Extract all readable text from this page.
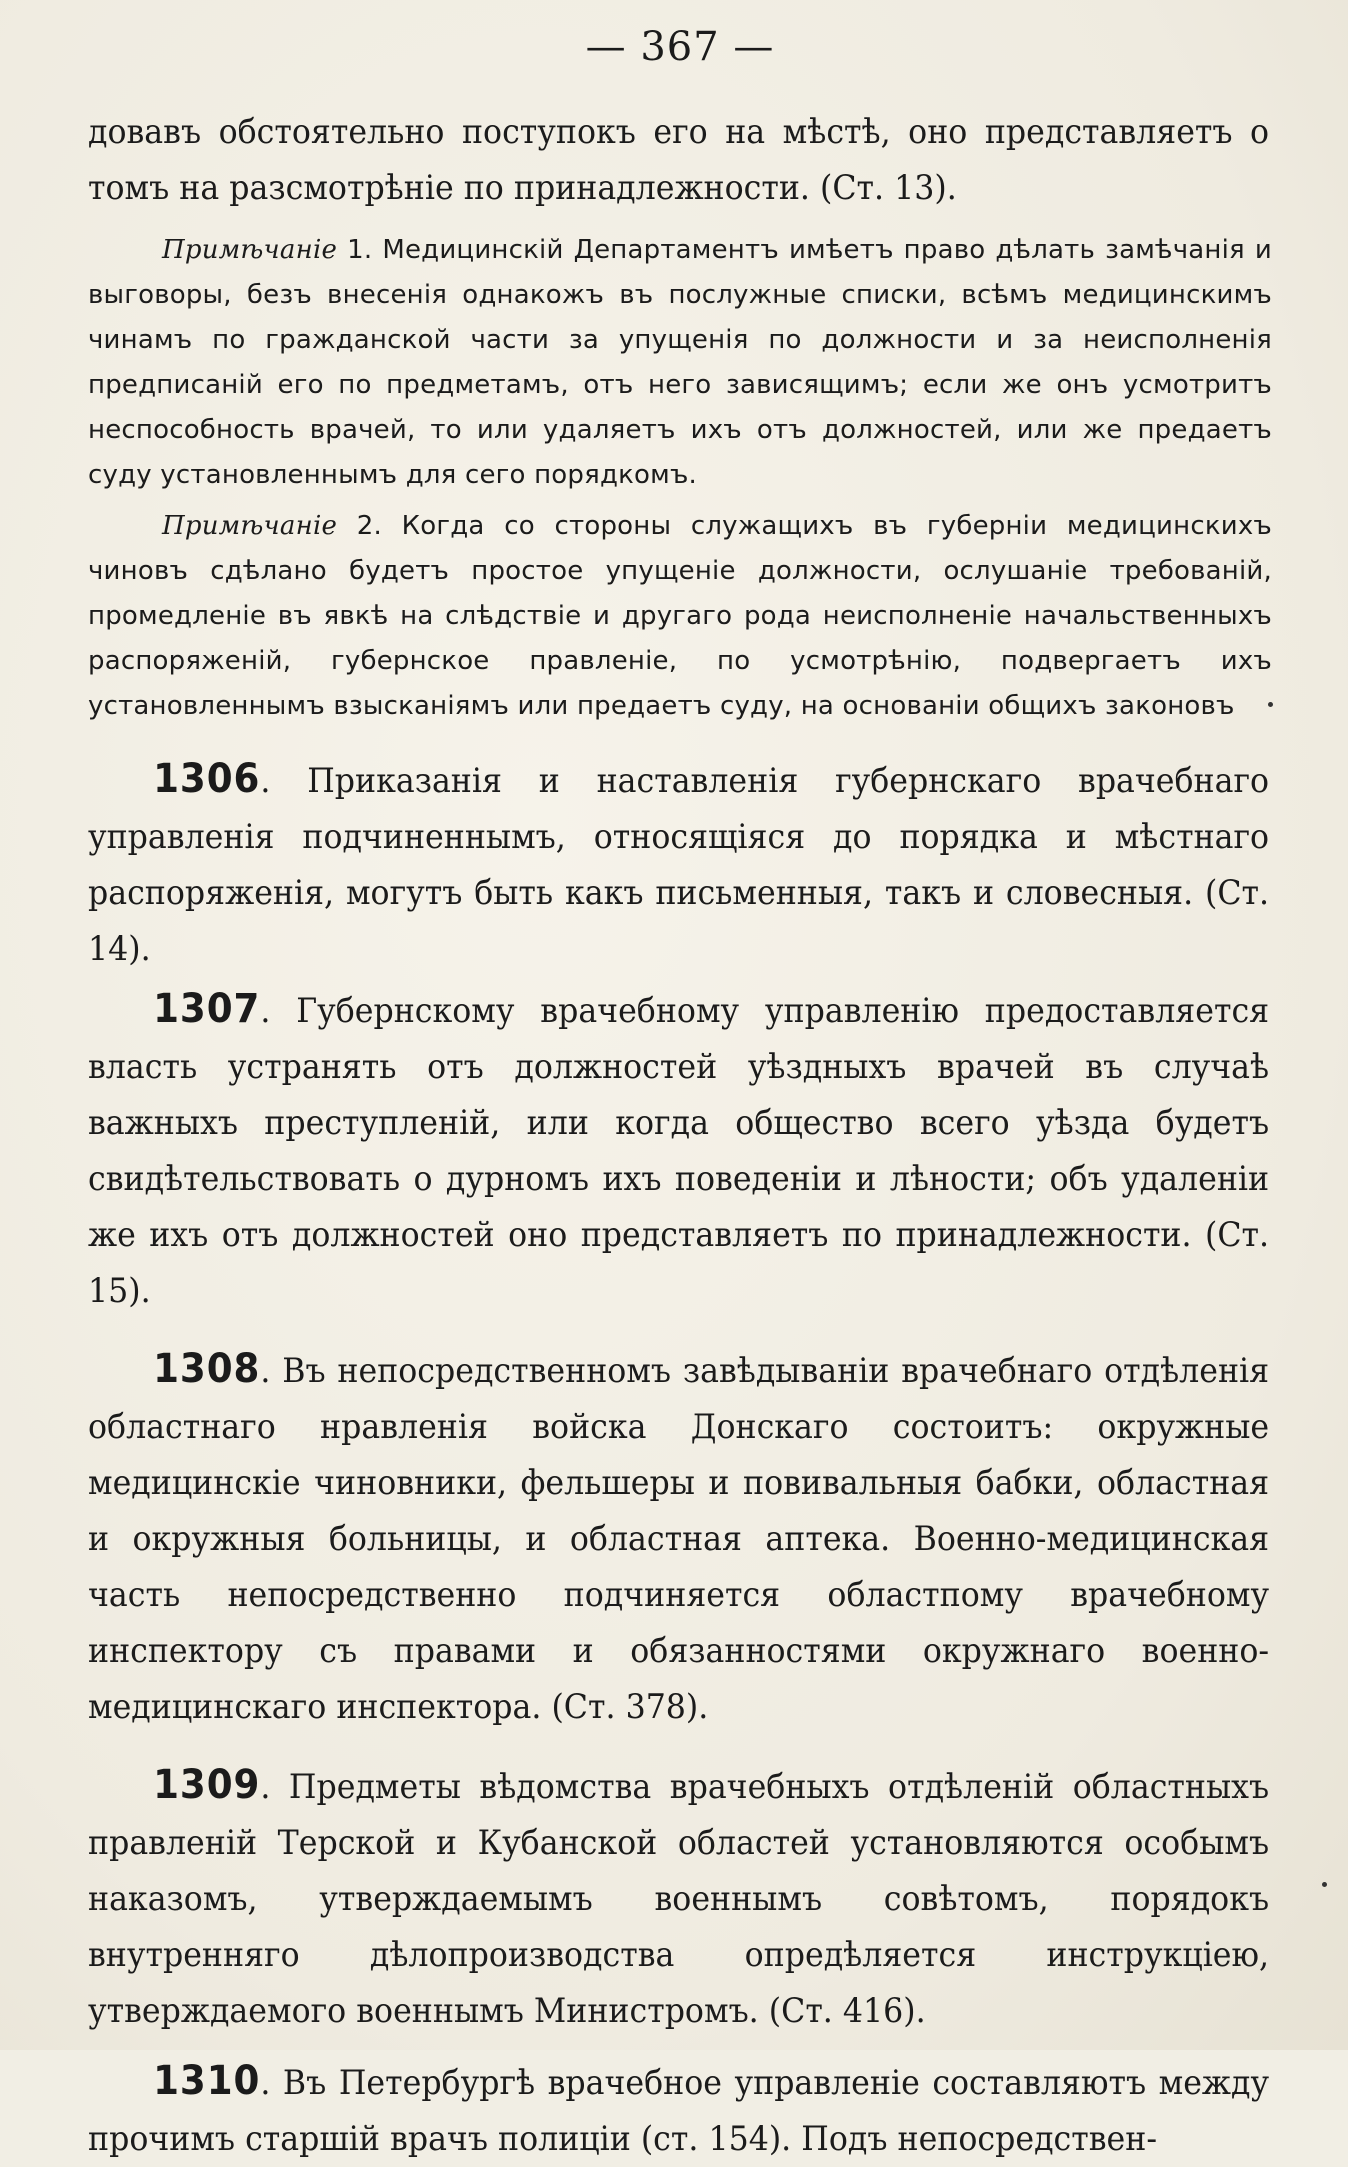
— 367 —

довавъ обстоятельно поступокъ его на мѣстѣ, оно представляетъ о томъ на разсмотрѣніе по принадлежности. (Ст. 13).

Примѣчаніе 1. Медицинскій Департаментъ имѣетъ право дѣлать замѣчанія и выговоры, безъ внесенія однакожъ въ послужные списки, всѣмъ медицинскимъ чинамъ по гражданской части за упущенія по должности и за неисполненія предписаній его по предметамъ, отъ него зависящимъ; если же онъ усмотритъ неспособность врачей, то или удаляетъ ихъ отъ должностей, или же предаетъ суду установленнымъ для сего порядкомъ.

Примѣчаніе 2. Когда со стороны служащихъ въ губерніи медицинскихъ чиновъ сдѣлано будетъ простое упущеніе должности, ослушаніе требованій, промедленіе въ явкѣ на слѣдствіе и другаго рода неисполненіе начальственныхъ распоряженій, губернское правленіе, по усмотрѣнію, подвергаетъ ихъ установленнымъ взысканіямъ или предаетъ суду, на основаніи общихъ законовъ

1306. Приказанія и наставленія губернскаго врачебнаго управленія подчиненнымъ, относящіяся до порядка и мѣстнаго распоряженія, могутъ быть какъ письменныя, такъ и словесныя. (Ст. 14).

1307. Губернскому врачебному управленію предоставляется власть устранять отъ должностей уѣздныхъ врачей въ случаѣ важныхъ преступленій, или когда общество всего уѣзда будетъ свидѣтельствовать о дурномъ ихъ поведеніи и лѣности; объ удаленіи же ихъ отъ должностей оно представляетъ по принадлежности. (Ст. 15).

1308. Въ непосредственномъ завѣдываніи врачебнаго отдѣленія областнаго нравленія войска Донскаго состоитъ: окружные медицинскіе чиновники, фельшеры и повивальныя бабки, областная и окружныя больницы, и областная аптека. Военно-медицинская часть непосредственно подчиняется областпому врачебному инспектору съ правами и обязанностями окружнаго военно-медицинскаго инспектора. (Ст. 378).

1309. Предметы вѣдомства врачебныхъ отдѣленій областныхъ правленій Терской и Кубанской областей установляются особымъ наказомъ, утверждаемымъ военнымъ совѣтомъ, порядокъ внутренняго дѣлопроизводства опредѣляется инструкціею, утверждаемого военнымъ Министромъ. (Ст. 416).

1310. Въ Петербургѣ врачебное управленіе составляютъ между прочимъ старшій врачъ полиціи (ст. 154). Подъ непосредствен-
